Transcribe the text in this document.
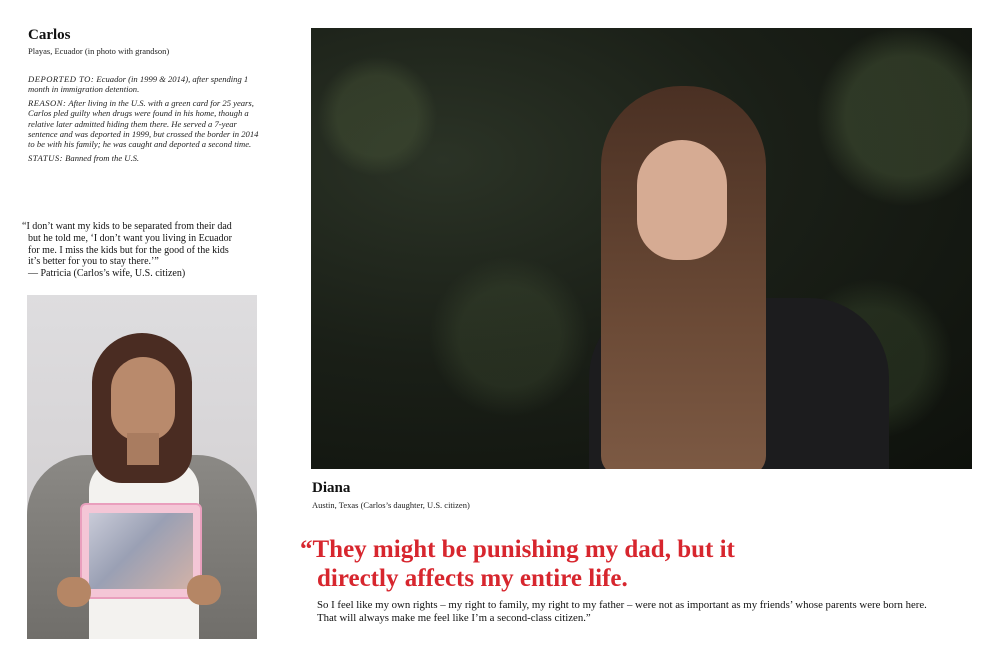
Carlos
Playas, Ecuador (in photo with grandson)

DEPORTED TO: Ecuador (in 1999 & 2014), after spending 1 month in immigration detention.

REASON: After living in the U.S. with a green card for 25 years, Carlos pled guilty when drugs were found in his home, though a relative later admitted hiding them there. He served a 7-year sentence and was deported in 1999, but crossed the border in 2014 to be with his family; he was caught and deported a second time.

STATUS: Banned from the U.S.

“I don’t want my kids to be separated from their dad
but he told me, ‘I don’t want you living in Ecuador
for me. I miss the kids but for the good of the kids
it’s better for you to stay there.’”
— Patricia (Carlos’s wife, U.S. citizen)
Diana
Austin, Texas (Carlos’s daughter, U.S. citizen)
“They might be punishing my dad, but it
directly affects my entire life.
So I feel like my own rights – my right to family, my right to my father – were not as important as my friends’ whose parents were born here. That will always make me feel like I’m a second-class citizen.”
